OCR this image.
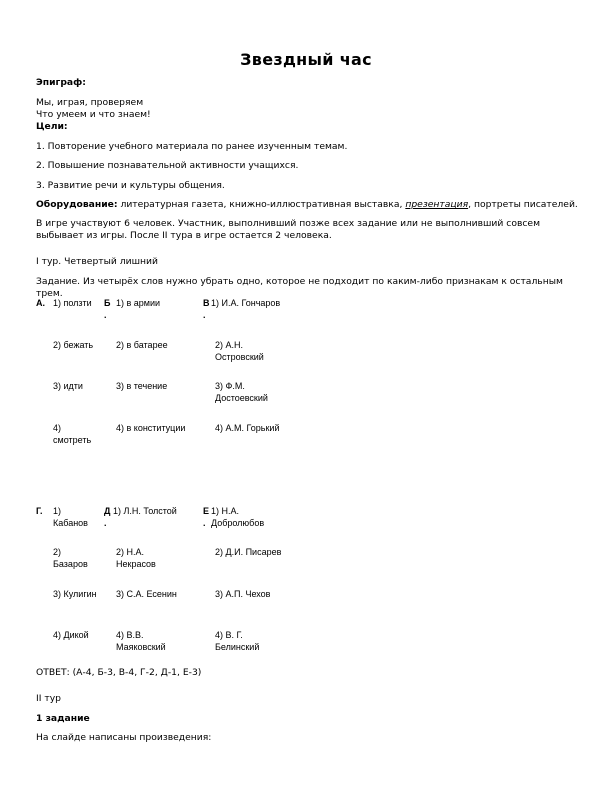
Звездный час
Эпиграф:
Мы, играя, проверяем
Что умеем и что знаем!
Цели:
1. Повторение учебного материала по ранее изученным темам.
2. Повышение познавательной активности учащихся.
3. Развитие речи и культуры общения.
Оборудование: литературная газета, книжно-иллюстративная выставка, презентация, портреты писателей.
В игре участвуют 6 человек. Участник, выполнивший позже всех задание или не выполнивший совсем выбывает из игры. После II тура в игре остается 2 человека.
I тур. Четвертый лишний
Задание. Из четырёх слов нужно убрать одно, которое не подходит по каким-либо признакам к остальным трем.
А.	Б
.
В
.
1) ползти
2) бежать
3) идти
4) смотреть
1) в армии
2) в батарее
3) в течение
4) в конституции
1) И.А. Гончаров
2) А.Н. Островский
3) Ф.М. Достоевский
4) А.М. Горький
Г.	Д
.
Е
.
1) Кабанов
2) Базаров
3) Кулигин
4) Дикой
1) Л.Н. Толстой
2) Н.А. Некрасов
3) С.А. Есенин
4) В.В. Маяковский
1) Н.А. Добролюбов
2) Д.И. Писарев
3) А.П. Чехов
4) В. Г. Белинский
ОТВЕТ: (А-4, Б-3, В-4, Г-2, Д-1, Е-3)
II тур
1 задание
На слайде написаны произведения:
